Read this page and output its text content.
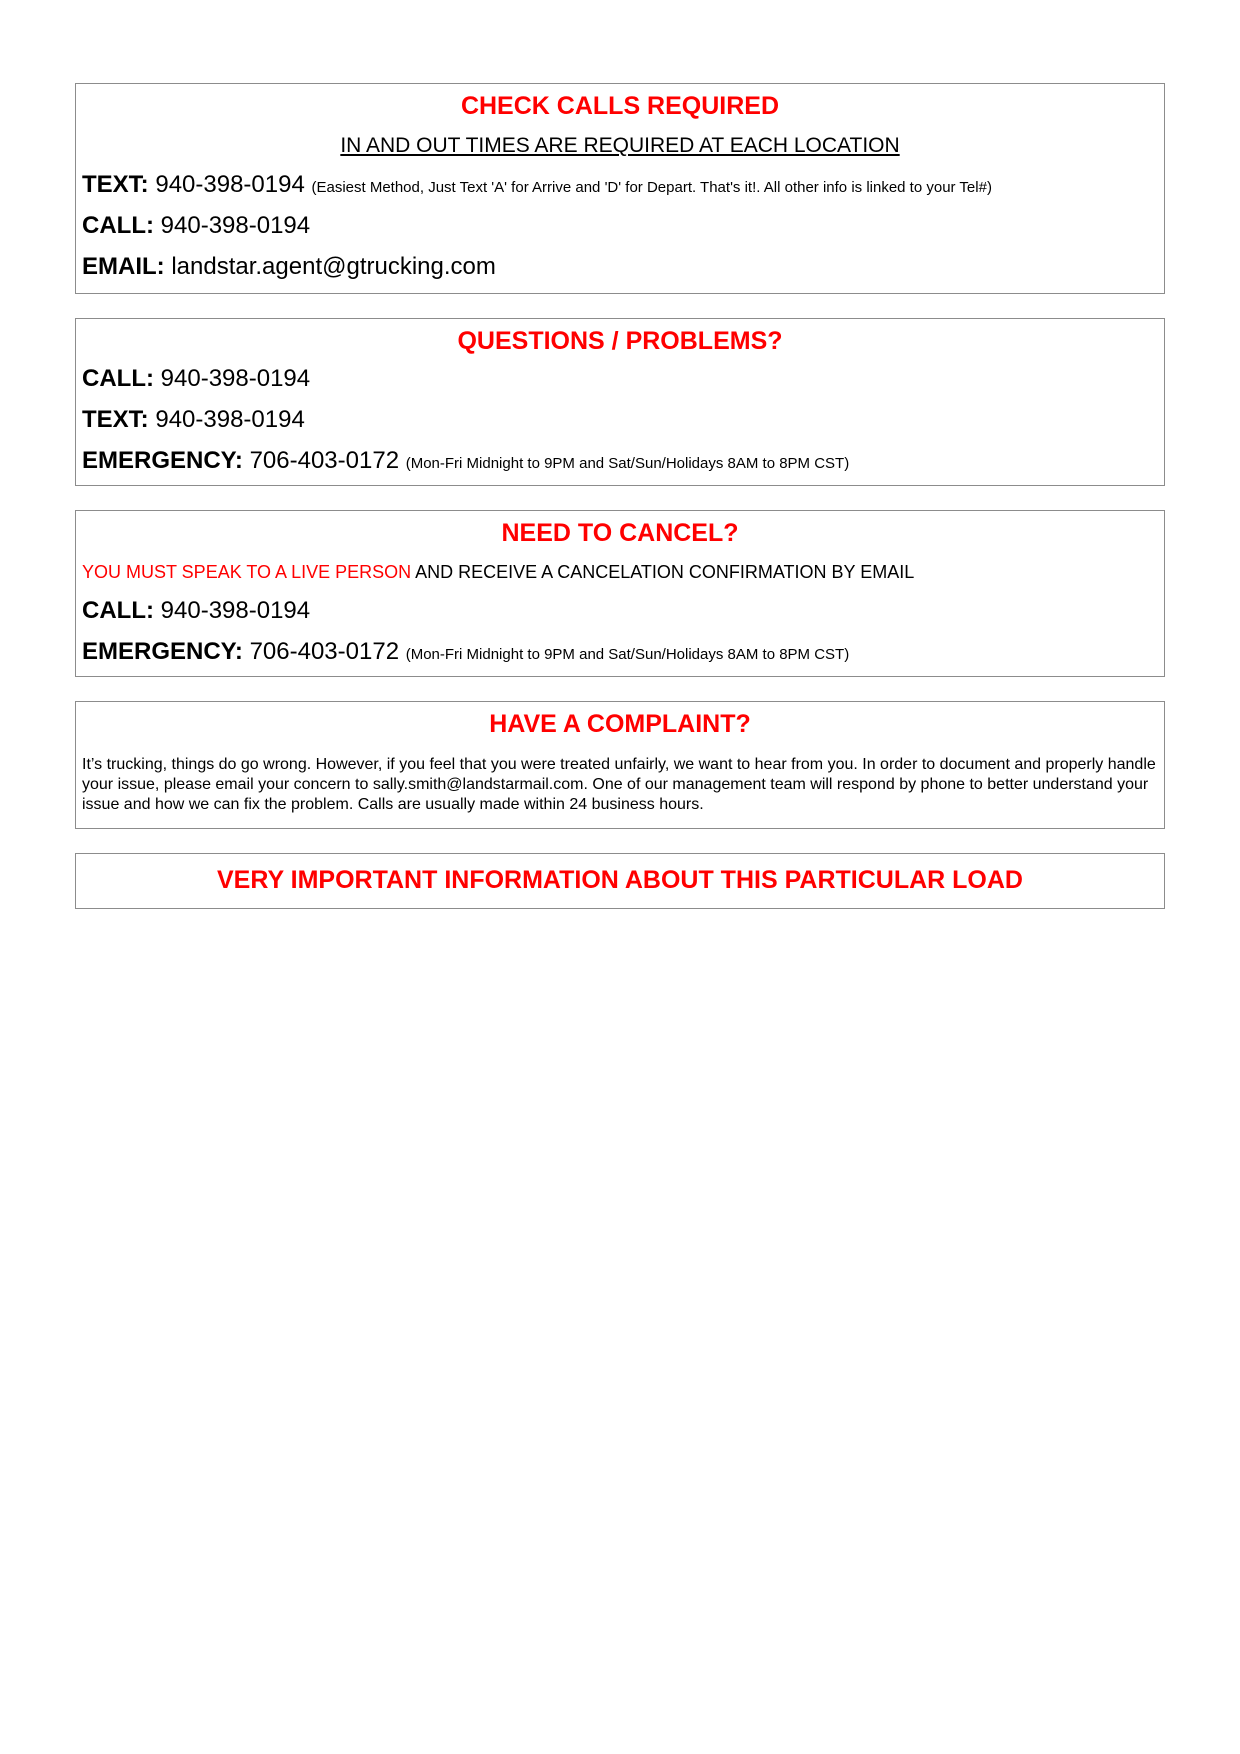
CHECK CALLS REQUIRED
IN AND OUT TIMES ARE REQUIRED AT EACH LOCATION
TEXT: 940-398-0194 (Easiest Method, Just Text 'A' for Arrive and 'D' for Depart. That's it!. All other info is linked to your Tel#)
CALL: 940-398-0194
EMAIL: landstar.agent@gtrucking.com
QUESTIONS / PROBLEMS?
CALL: 940-398-0194
TEXT: 940-398-0194
EMERGENCY: 706-403-0172 (Mon-Fri Midnight to 9PM and Sat/Sun/Holidays 8AM to 8PM CST)
NEED TO CANCEL?
YOU MUST SPEAK TO A LIVE PERSON AND RECEIVE A CANCELATION CONFIRMATION BY EMAIL
CALL: 940-398-0194
EMERGENCY: 706-403-0172 (Mon-Fri Midnight to 9PM and Sat/Sun/Holidays 8AM to 8PM CST)
HAVE A COMPLAINT?
It’s trucking, things do go wrong. However, if you feel that you were treated unfairly, we want to hear from you. In order to document and properly handle your issue, please email your concern to sally.smith@landstarmail.com. One of our management team will respond by phone to better understand your issue and how we can fix the problem. Calls are usually made within 24 business hours.
VERY IMPORTANT INFORMATION ABOUT THIS PARTICULAR LOAD
